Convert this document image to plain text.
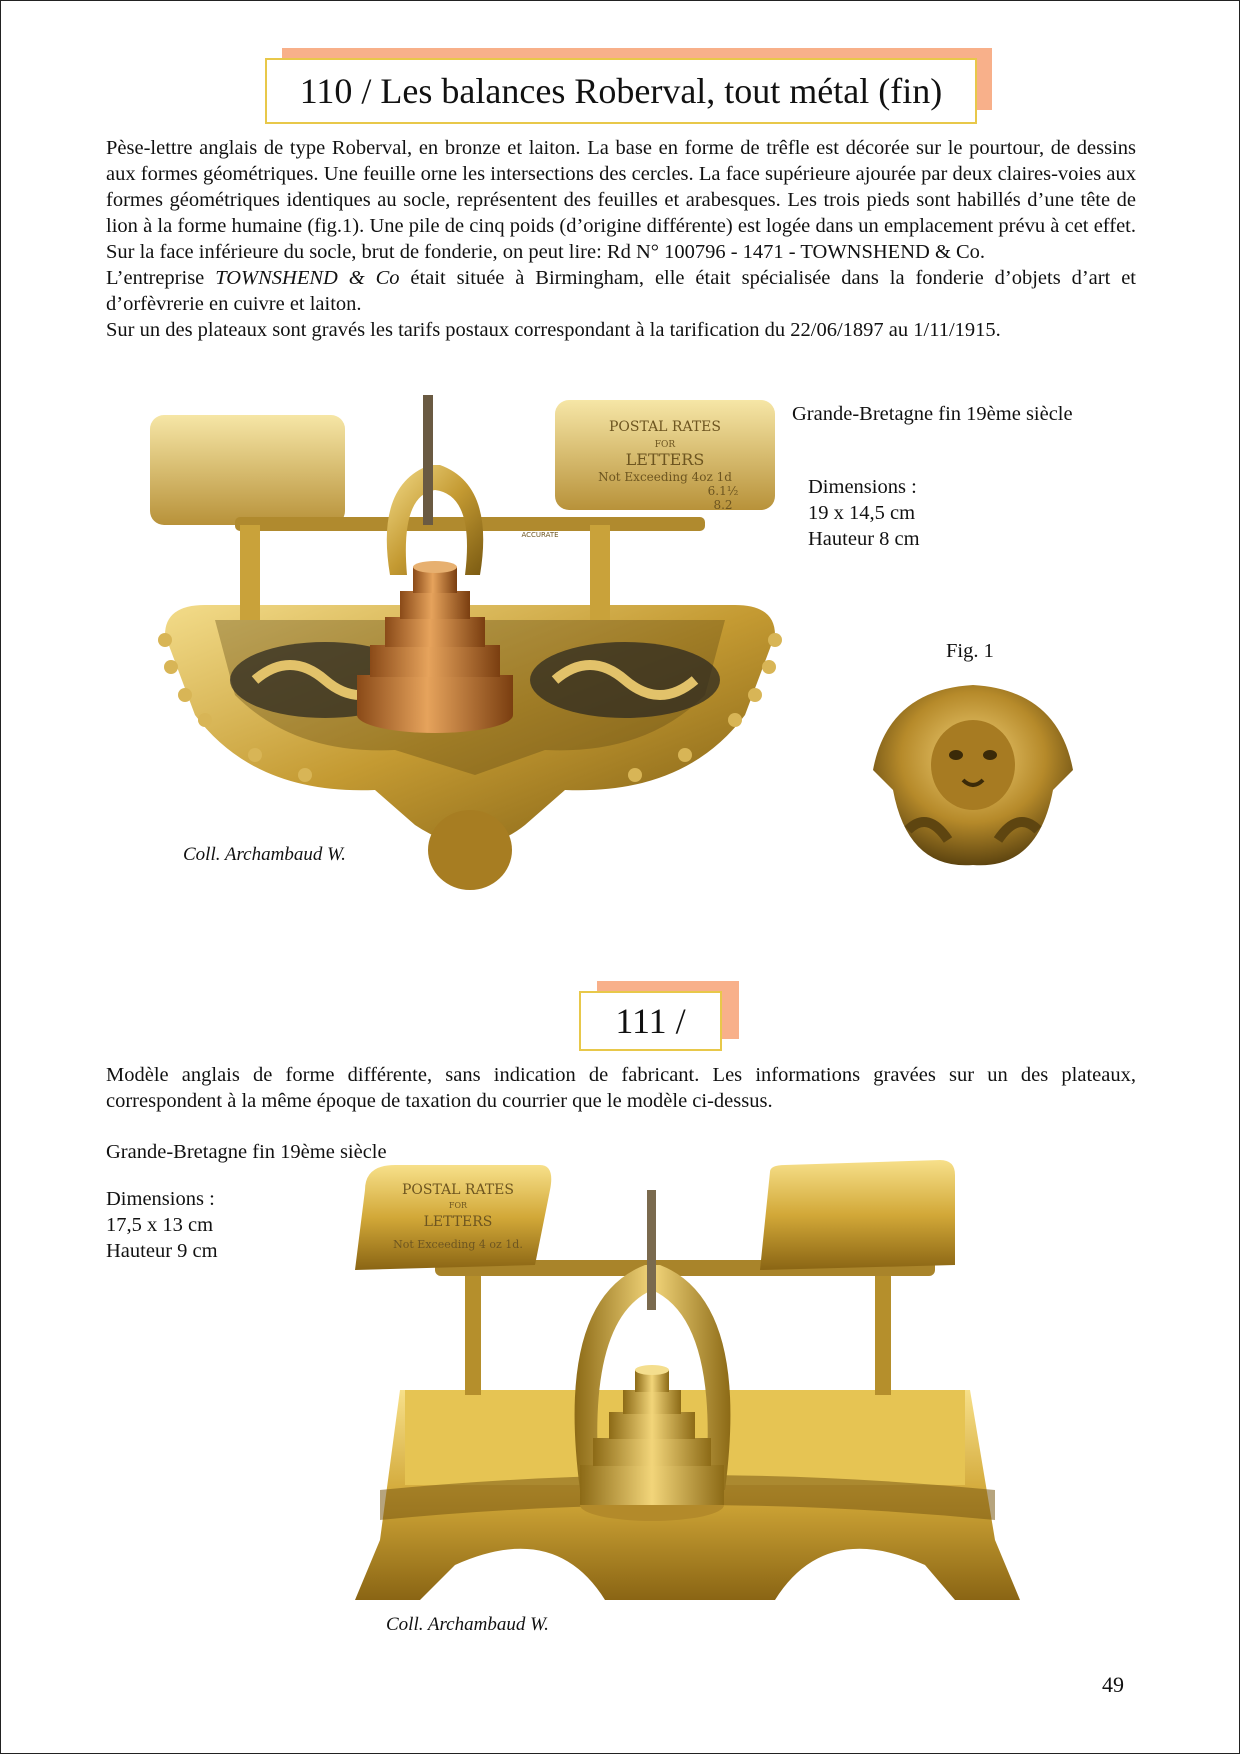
110 / Les balances Roberval, tout métal (fin)

Pèse-lettre anglais de type Roberval, en bronze et laiton. La base en forme de trêfle est décorée sur le pourtour, de dessins aux formes géométriques. Une feuille orne les intersections des cercles. La face supérieure ajourée par deux claires-voies aux formes géométriques identiques au socle, représentent des feuilles et arabesques. Les trois pieds sont habillés d’une tête de lion à la forme humaine (fig.1). Une pile de cinq poids (d’origine différente) est logée dans un emplacement prévu à cet effet. Sur la face inférieure du socle, brut de fonderie, on peut lire: Rd N° 100796 - 1471 - TOWNSHEND & Co.

L’entreprise TOWNSHEND & Co était située à Birmingham, elle était spécialisée dans la fonderie d’objets d’art et d’orfèvrerie en cuivre et laiton.

Sur un des plateaux sont gravés les tarifs postaux correspondant à la tarification du 22/06/1897 au 1/11/1915.

POSTAL RATES
FOR
LETTERS
Not Exceeding 4oz 1d
6.1½
8.2
ACCURATE
Grande-Bretagne fin 19ème siècle
Dimensions :
19 x 14,5 cm
Hauteur 8 cm
Fig. 1
Coll. Archambaud W.
111 /

Modèle anglais de forme différente, sans indication de fabricant. Les informations gravées sur un des plateaux, correspondent à la même époque de taxation du courrier que le modèle ci-dessus.

Grande-Bretagne fin 19ème siècle
Dimensions :
17,5 x 13 cm
Hauteur 9 cm
POSTAL RATES
FOR
LETTERS
Not Exceeding 4 oz 1d.
Coll. Archambaud W.
49
